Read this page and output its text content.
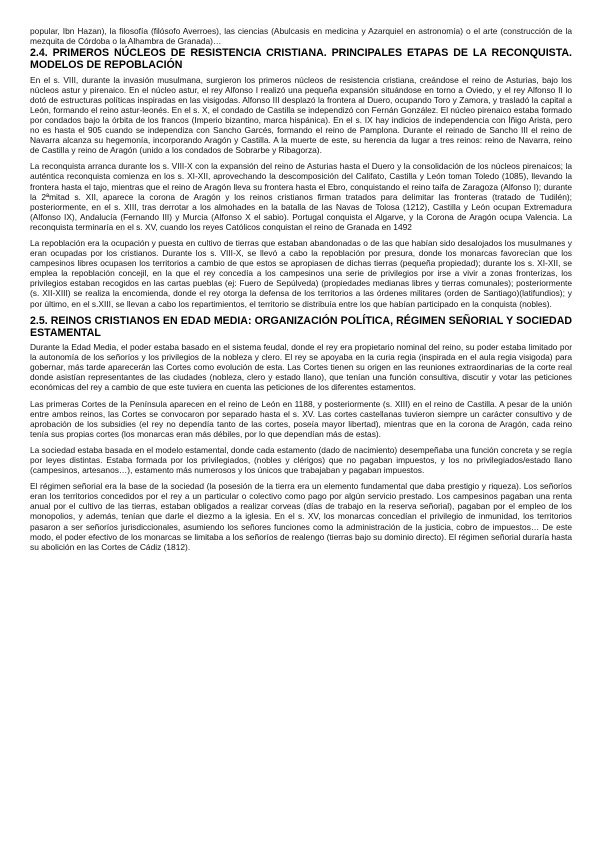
popular, Ibn Hazan), la filosofía (filósofo Averroes), las ciencias (Abulcasis en medicina y Azarquiel en astronomía) o el arte (construcción de la mezquita de Córdoba o la Alhambra de Granada)…

2.4. PRIMEROS NÚCLEOS DE RESISTENCIA CRISTIANA. PRINCIPALES ETAPAS DE LA RECONQUISTA. MODELOS DE REPOBLACIÓN

En el s. VIII, durante la invasión musulmana, surgieron los primeros núcleos de resistencia cristiana, creándose el reino de Asturias, bajo los núcleos astur y pirenaico. En el núcleo astur, el rey Alfonso I realizó una pequeña expansión situándose en torno a Oviedo, y el rey Alfonso II lo dotó de estructuras políticas inspiradas en las visigodas. Alfonso III desplazó la frontera al Duero, ocupando Toro y Zamora, y trasladó la capital a León, formando el reino astur-leonés. En el s. X, el condado de Castilla se independizó con Fernán González. El núcleo pirenaico estaba formado por condados bajo la órbita de los francos (Imperio bizantino, marca hispánica). En el s. IX hay indicios de independencia con Íñigo Arista, pero no es hasta el 905 cuando se independiza con Sancho Garcés, formando el reino de Pamplona. Durante el reinado de Sancho III el reino de Navarra alcanza su hegemonía, incorporando Aragón y Castilla. A la muerte de este, su herencia da lugar a tres reinos: reino de Navarra, reino de Castilla y reino de Aragón (unido a los condados de Sobrarbe y Ribagorza).

La reconquista arranca durante los s. VIII-X con la expansión del reino de Asturias hasta el Duero y la consolidación de los núcleos pirenaicos; la auténtica reconquista comienza en los s. XI-XII, aprovechando la descomposición del Califato, Castilla y León toman Toledo (1085), llevando la frontera hasta el tajo, mientras que el reino de Aragón lleva su frontera hasta el Ebro, conquistando el reino taifa de Zaragoza (Alfonso I); durante la 2ªmitad s. XII, aparece la corona de Aragón y los reinos cristianos firman tratados para delimitar las fronteras (tratado de Tudilén); posteriormente, en el s. XIII, tras derrotar a los almohades en la batalla de las Navas de Tolosa (1212), Castilla y León ocupan Extremadura (Alfonso IX), Andalucía (Fernando III) y Murcia (Alfonso X el sabio). Portugal conquista el Algarve, y la Corona de Aragón ocupa Valencia. La reconquista terminaría en el s. XV, cuando los reyes Católicos conquistan el reino de Granada en 1492

La repoblación era la ocupación y puesta en cultivo de tierras que estaban abandonadas o de las que habían sido desalojados los musulmanes y eran ocupadas por los cristianos. Durante los s. VIII-X, se llevó a cabo la repoblación por presura, donde los monarcas favorecían que los campesinos libres ocupasen los territorios a cambio de que estos se apropiasen de dichas tierras (pequeña propiedad); durante los s. XI-XII, se emplea la repoblación concejil, en la que el rey concedía a los campesinos una serie de privilegios por irse a vivir a zonas fronterizas, los privilegios estaban recogidos en las cartas pueblas (ej: Fuero de Sepúlveda) (propiedades medianas libres y tierras comunales); posteriormente (s. XII-XIII) se realiza la encomienda, donde el rey otorga la defensa de los territorios a las órdenes militares (orden de Santiago)(latifundios); y por último, en el s.XIII, se llevan a cabo los repartimientos, el territorio se distribuía entre los que habían participado en la conquista (nobles).

2.5. REINOS CRISTIANOS EN EDAD MEDIA: ORGANIZACIÓN POLÍTICA, RÉGIMEN SEÑORIAL Y SOCIEDAD ESTAMENTAL

Durante la Edad Media, el poder estaba basado en el sistema feudal, donde el rey era propietario nominal del reino, su poder estaba limitado por la autonomía de los señoríos y los privilegios de la nobleza y clero. El rey se apoyaba en la curia regia (inspirada en el aula regia visigoda) para gobernar, más tarde aparecerán las Cortes como evolución de esta. Las Cortes tienen su origen en las reuniones extraordinarias de la corte real donde asistían representantes de las ciudades (nobleza, clero y estado llano), que tenían una función consultiva, discutir y votar las peticiones económicas del rey a cambio de que este tuviera en cuenta las peticiones de los diferentes estamentos.

Las primeras Cortes de la Península aparecen en el reino de León en 1188, y posteriormente (s. XIII) en el reino de Castilla. A pesar de la unión entre ambos reinos, las Cortes se convocaron por separado hasta el s. XV. Las cortes castellanas tuvieron siempre un carácter consultivo y de aprobación de los subsidies (el rey no dependía tanto de las cortes, poseía mayor libertad), mientras que en la corona de Aragón, cada reino tenía sus propias cortes (los monarcas eran más débiles, por lo que dependían más de estas).

La sociedad estaba basada en el modelo estamental, donde cada estamento (dado de nacimiento) desempeñaba una función concreta y se regía por leyes distintas. Estaba formada por los privilegiados, (nobles y clérigos) que no pagaban impuestos, y los no privilegiados/estado llano (campesinos, artesanos…), estamento más numerosos y los únicos que trabajaban y pagaban impuestos.

El régimen señorial era la base de la sociedad (la posesión de la tierra era un elemento fundamental que daba prestigio y riqueza). Los señoríos eran los territorios concedidos por el rey a un particular o colectivo como pago por algún servicio prestado. Los campesinos pagaban una renta anual por el cultivo de las tierras, estaban obligados a realizar corveas (días de trabajo en la reserva señorial), pagaban por el empleo de los monopolios, y además, tenían que darle el diezmo a la iglesia. En el s. XV, los monarcas concedían el privilegio de inmunidad, los territorios pasaron a ser señoríos jurisdiccionales, asumiendo los señores funciones como la administración de la justicia, cobro de impuestos… De este modo, el poder efectivo de los monarcas se limitaba a los señoríos de realengo (tierras bajo su dominio directo). El régimen señorial duraría hasta su abolición en las Cortes de Cádiz (1812).
